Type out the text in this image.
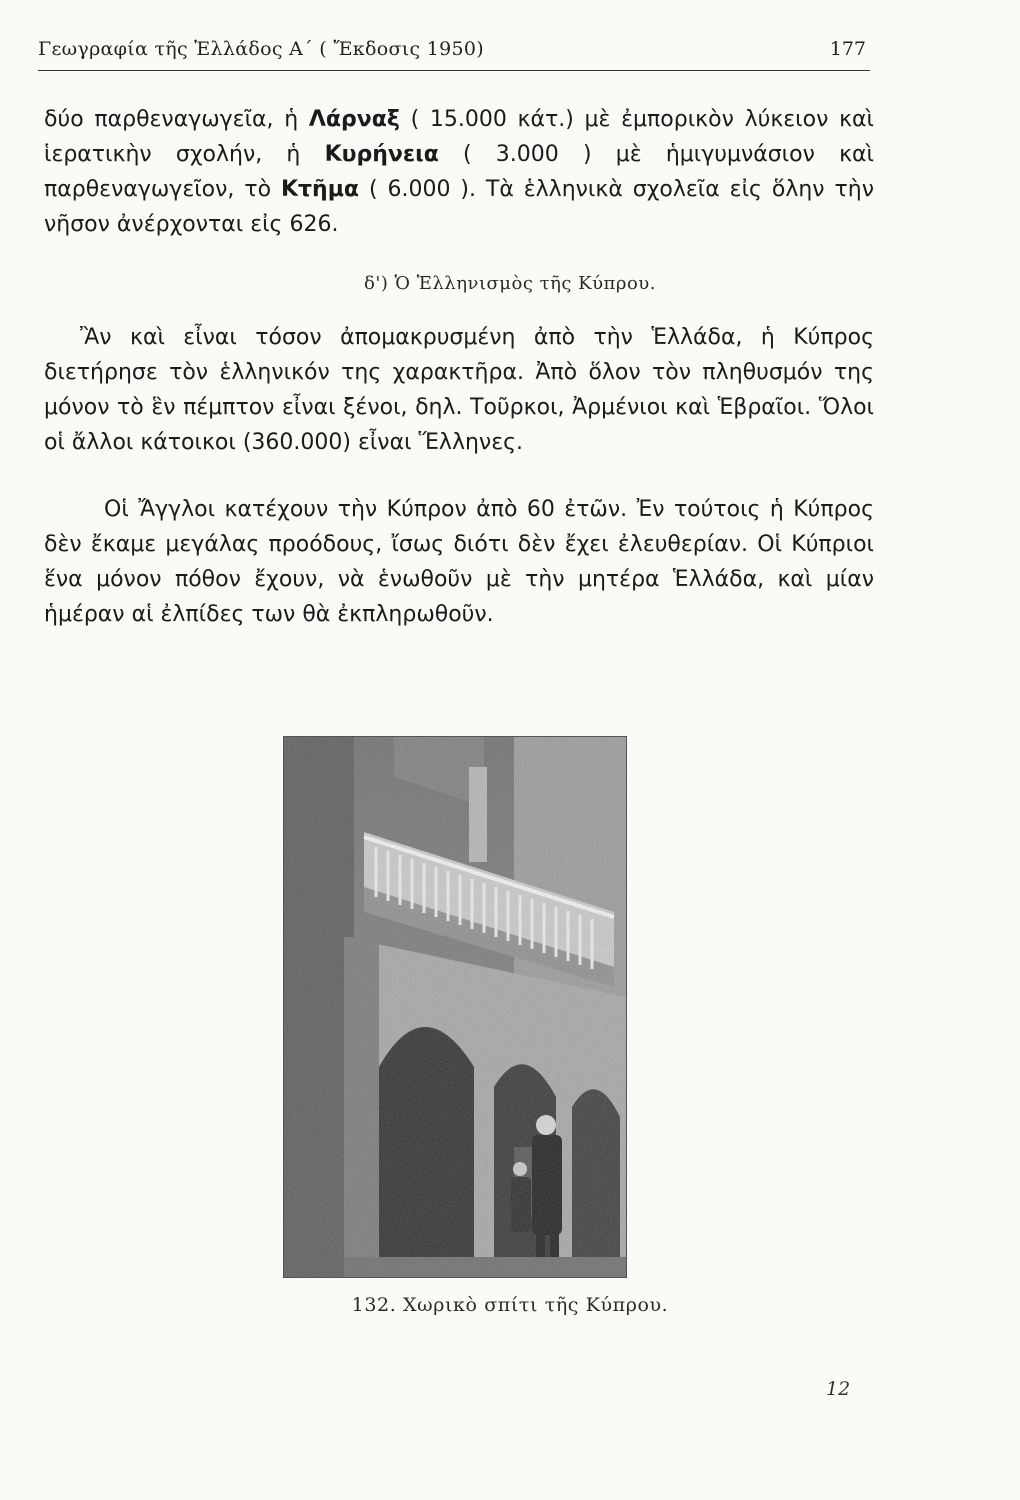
Γεωγραφία τῆς Ἑλλάδος Α΄ ( Ἔκδοσις 1950)	177
δύο παρθεναγωγεῖα, ἡ Λάρναξ ( 15.000 κάτ.) μὲ ἐμπορικὸν λύκειον καὶ ἱερατικὴν σχολήν, ἡ Κυρήνεια ( 3.000 ) μὲ ἡμιγυμνάσιον καὶ παρθεναγωγεῖον, τὸ Κτῆμα ( 6.000 ). Τὰ ἑλληνικὰ σχολεῖα εἰς ὅλην τὴν νῆσον ἀνέρχονται εἰς 626.
δ') Ὁ Ἑλληνισμὸς τῆς Κύπρου.
Ἂν καὶ εἶναι τόσον ἀπομακρυσμένη ἀπὸ τὴν Ἑλλάδα, ἡ Κύπρος διετήρησε τὸν ἑλληνικόν της χαρακτῆρα. Ἀπὸ ὅλον τὸν πληθυσμόν της μόνον τὸ ἓν πέμπτον εἶναι ξένοι, δηλ. Τοῦρκοι, Ἀρμένιοι καὶ Ἑβραῖοι. Ὅλοι οἱ ἄλλοι κάτοικοι (360.000) εἶναι Ἕλληνες.
Οἱ Ἄγγλοι κατέχουν τὴν Κύπρον ἀπὸ 60 ἐτῶν. Ἐν τούτοις ἡ Κύπρος δὲν ἔκαμε μεγάλας προόδους, ἴσως διότι δὲν ἔχει ἐλευθερίαν. Οἱ Κύπριοι ἕνα μόνον πόθον ἔχουν, νὰ ἑνωθοῦν μὲ τὴν μητέρα Ἑλλάδα, καὶ μίαν ἡμέραν αἱ ἐλπίδες των θὰ ἐκπληρωθοῦν.
132. Χωρικὸ σπίτι τῆς Κύπρου.
12
